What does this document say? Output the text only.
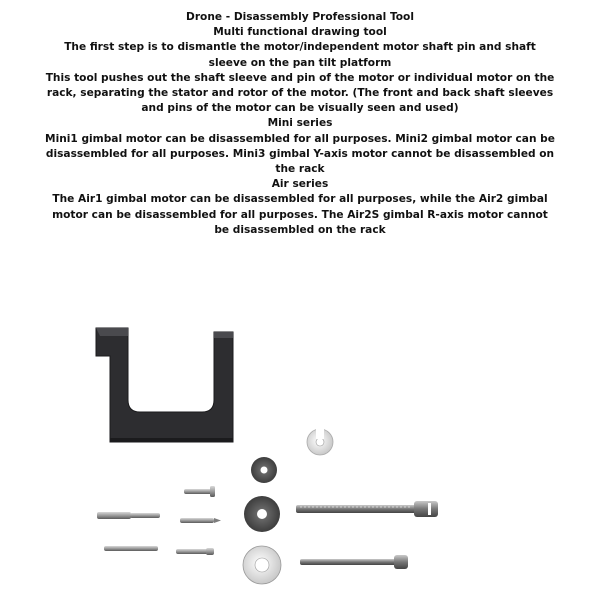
Drone - Disassembly Professional Tool
Multi functional drawing tool
The first step is to dismantle the motor/independent motor shaft pin and shaft sleeve on the pan tilt platform
This tool pushes out the shaft sleeve and pin of the motor or individual motor on the rack, separating the stator and rotor of the motor. (The front and back shaft sleeves and pins of the motor can be visually seen and used)
Mini series
Mini1 gimbal motor can be disassembled for all purposes. Mini2 gimbal motor can be disassembled for all purposes. Mini3 gimbal Y-axis motor cannot be disassembled on the rack
Air series
The Air1 gimbal motor can be disassembled for all purposes, while the Air2 gimbal motor can be disassembled for all purposes. The Air2S gimbal R-axis motor cannot be disassembled on the rack
